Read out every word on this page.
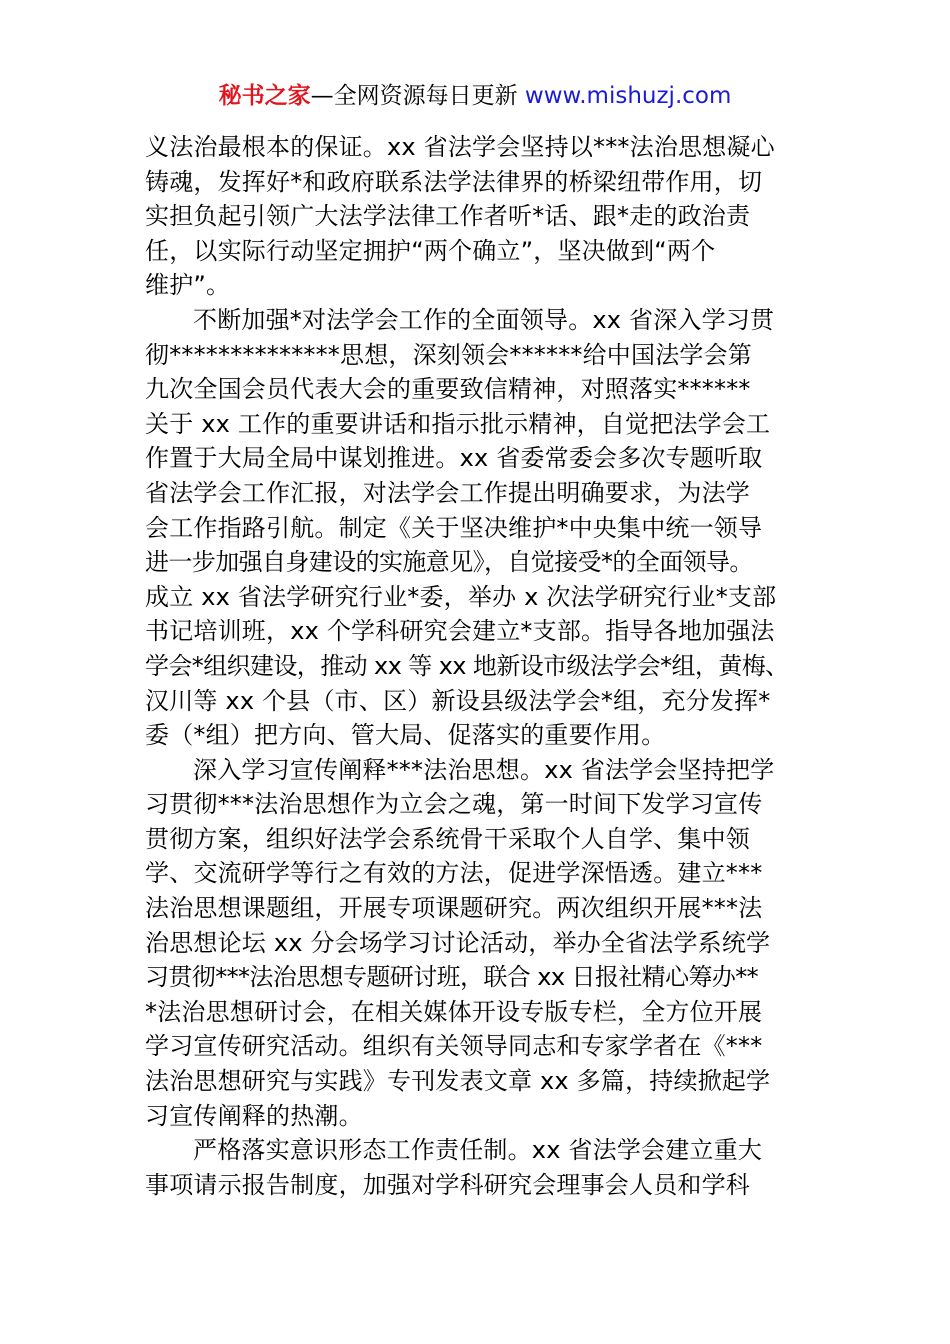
秘书之家—全网资源每日更新 www.mishuzj.com
义法治最根本的保证。xx 省法学会坚持以***法治思想凝心
铸魂，发挥好*和政府联系法学法律界的桥梁纽带作用，切
实担负起引领广大法学法律工作者听*话、跟*走的政治责
任，以实际行动坚定拥护“两个确立”，坚决做到“两个
维护”。
不断加强*对法学会工作的全面领导。xx 省深入学习贯
彻**************思想，深刻领会******给中国法学会第
九次全国会员代表大会的重要致信精神，对照落实******
关于 xx 工作的重要讲话和指示批示精神，自觉把法学会工
作置于大局全局中谋划推进。xx 省委常委会多次专题听取
省法学会工作汇报，对法学会工作提出明确要求，为法学
会工作指路引航。制定《关于坚决维护*中央集中统一领导
进一步加强自身建设的实施意见》，自觉接受*的全面领导。
成立 xx 省法学研究行业*委，举办 x 次法学研究行业*支部
书记培训班，xx 个学科研究会建立*支部。指导各地加强法
学会*组织建设，推动 xx 等 xx 地新设市级法学会*组，黄梅、
汉川等 xx 个县（市、区）新设县级法学会*组，充分发挥*
委（*组）把方向、管大局、促落实的重要作用。
深入学习宣传阐释***法治思想。xx 省法学会坚持把学
习贯彻***法治思想作为立会之魂，第一时间下发学习宣传
贯彻方案，组织好法学会系统骨干采取个人自学、集中领
学、交流研学等行之有效的方法，促进学深悟透。建立***
法治思想课题组，开展专项课题研究。两次组织开展***法
治思想论坛 xx 分会场学习讨论活动，举办全省法学系统学
习贯彻***法治思想专题研讨班，联合 xx 日报社精心筹办**
*法治思想研讨会，在相关媒体开设专版专栏，全方位开展
学习宣传研究活动。组织有关领导同志和专家学者在《***
法治思想研究与实践》专刊发表文章 xx 多篇，持续掀起学
习宣传阐释的热潮。
严格落实意识形态工作责任制。xx 省法学会建立重大
事项请示报告制度，加强对学科研究会理事会人员和学科
